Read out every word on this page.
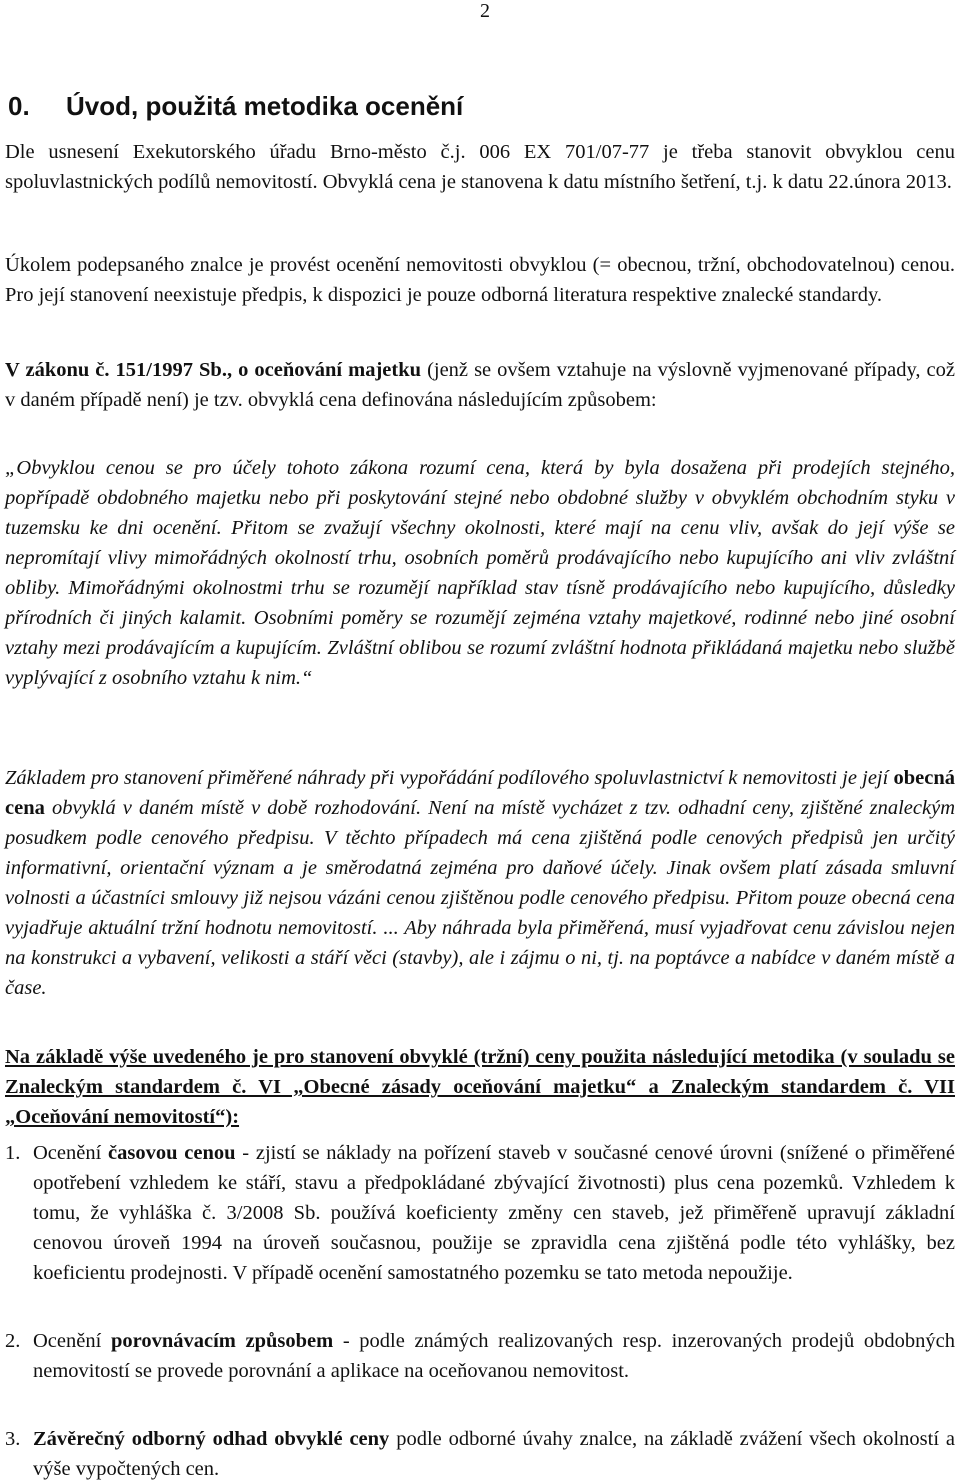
2
0. Úvod, použitá metodika ocenění

Dle usnesení Exekutorského úřadu Brno-město č.j. 006 EX 701/07-77 je třeba stanovit obvyklou cenu spoluvlastnických podílů nemovitostí. Obvyklá cena je stanovena k datu místního šetření, t.j. k datu 22.února 2013.

Úkolem podepsaného znalce je provést ocenění nemovitosti obvyklou (= obecnou, tržní, obchodovatelnou) cenou. Pro její stanovení neexistuje předpis, k dispozici je pouze odborná literatura respektive znalecké standardy.

V zákonu č. 151/1997 Sb., o oceňování majetku (jenž se ovšem vztahuje na výslovně vyjmenované případy, což v daném případě není) je tzv. obvyklá cena definována následujícím způsobem:

„Obvyklou cenou se pro účely tohoto zákona rozumí cena, která by byla dosažena při prodejích stejného, popřípadě obdobného majetku nebo při poskytování stejné nebo obdobné služby v obvyklém obchodním styku v tuzemsku ke dni ocenění. Přitom se zvažují všechny okolnosti, které mají na cenu vliv, avšak do její výše se nepromítají vlivy mimořádných okolností trhu, osobních poměrů prodávajícího nebo kupujícího ani vliv zvláštní obliby. Mimořádnými okolnostmi trhu se rozumějí například stav tísně prodávajícího nebo kupujícího, důsledky přírodních či jiných kalamit. Osobními poměry se rozumějí zejména vztahy majetkové, rodinné nebo jiné osobní vztahy mezi prodávajícím a kupujícím. Zvláštní oblibou se rozumí zvláštní hodnota přikládaná majetku nebo službě vyplývající z osobního vztahu k nim.“

Základem pro stanovení přiměřené náhrady při vypořádání podílového spoluvlastnictví k nemovitosti je její obecná cena obvyklá v daném místě v době rozhodování. Není na místě vycházet z tzv. odhadní ceny, zjištěné znaleckým posudkem podle cenového předpisu. V těchto případech má cena zjištěná podle cenových předpisů jen určitý informativní, orientační význam a je směrodatná zejména pro daňové účely. Jinak ovšem platí zásada smluvní volnosti a účastníci smlouvy již nejsou vázáni cenou zjištěnou podle cenového předpisu. Přitom pouze obecná cena vyjadřuje aktuální tržní hodnotu nemovitostí. ... Aby náhrada byla přiměřená, musí vyjadřovat cenu závislou nejen na konstrukci a vybavení, velikosti a stáří věci (stavby), ale i zájmu o ni, tj. na poptávce a nabídce v daném místě a čase.

Na základě výše uvedeného je pro stanovení obvyklé (tržní) ceny použita následující metodika (v souladu se Znaleckým standardem č. VI „Obecné zásady oceňování majetku“ a Znaleckým standardem č. VII „Oceňování nemovitostí“):

1. Ocenění časovou cenou - zjistí se náklady na pořízení staveb v současné cenové úrovni (snížené o přiměřené opotřebení vzhledem ke stáří, stavu a předpokládané zbývající životnosti) plus cena pozemků. Vzhledem k tomu, že vyhláška č. 3/2008 Sb. používá koeficienty změny cen staveb, jež přiměřeně upravují základní cenovou úroveň 1994 na úroveň současnou, použije se zpravidla cena zjištěná podle této vyhlášky, bez koeficientu prodejnosti. V případě ocenění samostatného pozemku se tato metoda nepoužije.

2. Ocenění porovnávacím způsobem - podle známých realizovaných resp. inzerovaných prodejů obdobných nemovitostí se provede porovnání a aplikace na oceňovanou nemovitost.

3. Závěrečný odborný odhad obvyklé ceny podle odborné úvahy znalce, na základě zvážení všech okolností a výše vypočtených cen.
